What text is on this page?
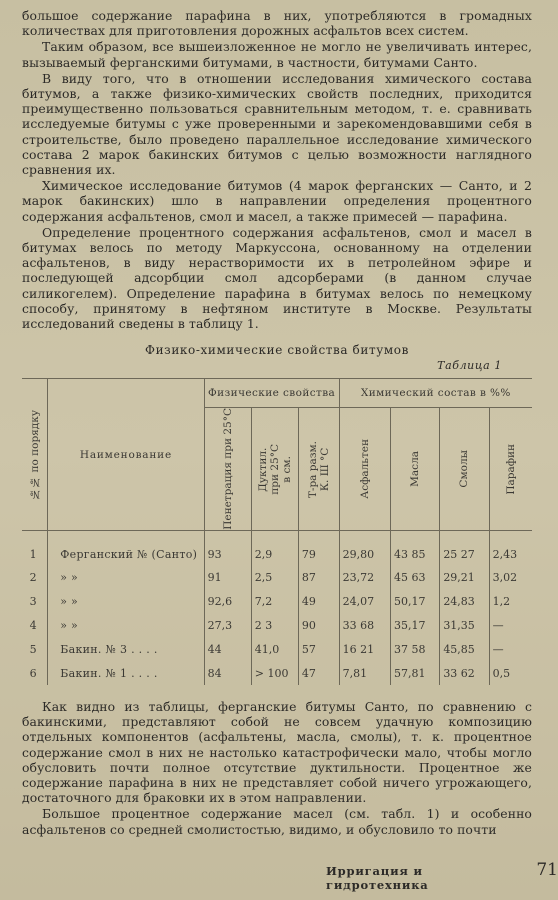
большое содержание парафина в них, употребляются в громадных количествах для приготовления дорожных асфальтов всех систем.

Таким образом, все вышеизложенное не могло не увеличивать интерес, вызываемый ферганскими битумами, в частности, битумами Санто.

В виду того, что в отношении исследования химического состава битумов, а также физико-химических свойств последних, приходится преимущественно пользоваться сравнительным методом, т. е. сравнивать исследуемые битумы с уже проверенными и зарекомендовавшими себя в строительстве, было проведено параллельное исследование химического состава 2 марок бакинских битумов с целью возможности наглядного сравнения их.

Химическое исследование битумов (4 марок ферганских — Санто, и 2 марок бакинских) шло в направлении определения процентного содержания асфальтенов, смол и масел, а также примесей — парафина.

Определение процентного содержания асфальтенов, смол и масел в битумах велось по методу Маркуссона, основанному на отделении асфальтенов, в виду нерастворимости их в петролейном эфире и последующей адсорбции смол адсорберами (в данном случае силикогелем). Определение парафина в битумах велось по немецкому способу, принятому в нефтяном институте в Москве. Результаты исследований сведены в таблицу 1.

Физико-химические свойства битумов
Таблица 1
№№ по порядку	Наименование	Физические свойства			Химический состав в %%			

		Пенетрация при 25°С	Дуктил.
при 25°С
в см.	Т-ра разм.
К. Ш °С	Асфальтен	Масла	Смолы	Парафин

1	Ферганский № (Санто)	93	2,9	79	29,80	43 85	25 27	2,43
2	» »	91	2,5	87	23,72	45 63	29,21	3,02
3	» »	92,6	7,2	49	24,07	50,17	24,83	1,2
4	» »	27,3	2 3	90	33 68	35,17	31,35	—
5	Бакин. № 3 . . . .	44	41,0	57	16 21	37 58	45,85	—
6	Бакин. № 1 . . . .	84	> 100	47	7,81	57,81	33 62	0,5

Как видно из таблицы, ферганские битумы Санто, по сравнению с бакинскими, представляют собой не совсем удачную композицию отдельных компонентов (асфальтены, масла, смолы), т. к. процентное содержание смол в них не настолько катастрофически мало, чтобы могло обусловить почти полное отсутствие дуктильности. Процентное же содержание парафина в них не представляет собой ничего угрожающего, достаточного для браковки их в этом направлении.

Большое процентное содержание масел (см. табл. 1) и особенно асфальтенов со средней смолистостью, видимо, и обусловило то почти

Ирригация и гидротехника
71
